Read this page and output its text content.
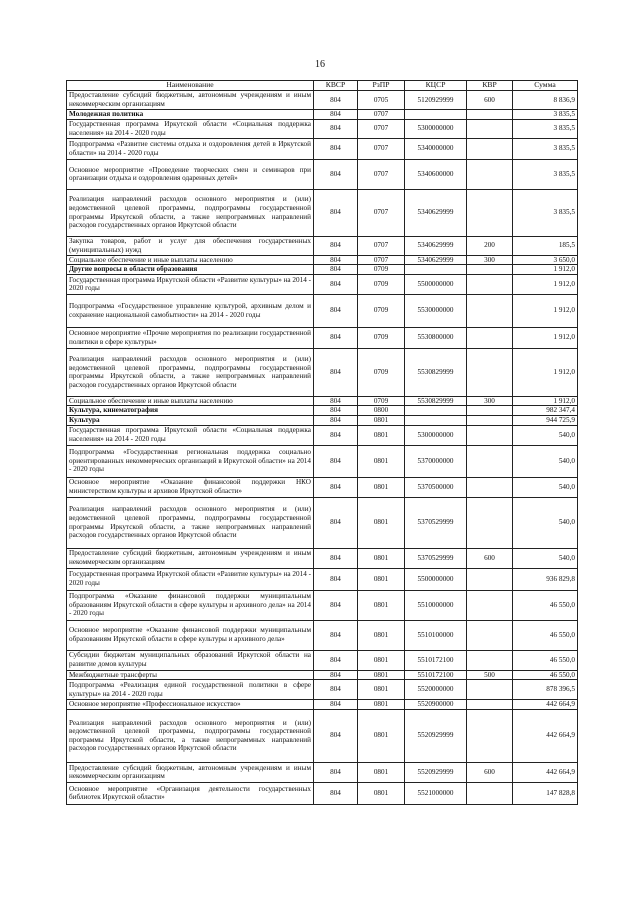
16
Наименование	КВСР	РзПР	КЦСР	КВР	Сумма
Предоставление субсидий бюджетным, автономным учреждениям и иным некоммерческим организациям	804	0705	5120929999	600	8 836,9
Молодежная политика	804	0707			3 835,5
Государственная программа Иркутской области «Социальная поддержка населения» на 2014 - 2020 годы	804	0707	5300000000		3 835,5
Подпрограмма «Развитие системы отдыха и оздоровления детей в Иркутской области» на 2014 - 2020 годы	804	0707	5340000000		3 835,5
Основное мероприятие «Проведение творческих смен и семинаров при организации отдыха и оздоровления одаренных детей»	804	0707	5340600000		3 835,5
Реализация направлений расходов основного мероприятия и (или) ведомственной целевой программы, подпрограммы государственной программы Иркутской области, а также непрограммных направлений расходов государственных органов Иркутской области	804	0707	5340629999		3 835,5
Закупка товаров, работ и услуг для обеспечения государственных (муниципальных) нужд	804	0707	5340629999	200	185,5
Социальное обеспечение и иные выплаты населению	804	0707	5340629999	300	3 650,0
Другие вопросы в области образования	804	0709			1 912,0
Государственная программа Иркутской области «Развитие культуры» на 2014 - 2020 годы	804	0709	5500000000		1 912,0
Подпрограмма «Государственное управление культурой, архивным делом и сохранение национальной самобытности» на 2014 - 2020 годы	804	0709	5530000000		1 912,0
Основное мероприятие «Прочие мероприятия по реализации государственной политики в сфере культуры»	804	0709	5530800000		1 912,0
Реализация направлений расходов основного мероприятия и (или) ведомственной целевой программы, подпрограммы государственной программы Иркутской области, а также непрограммных направлений расходов государственных органов Иркутской области	804	0709	5530829999		1 912,0
Социальное обеспечение и иные выплаты населению	804	0709	5530829999	300	1 912,0
Культура, кинематография	804	0800			982 347,4
Культура	804	0801			944 725,9
Государственная программа Иркутской области «Социальная поддержка населения» на 2014 - 2020 годы	804	0801	5300000000		540,0
Подпрограмма «Государственная региональная поддержка социально ориентированных некоммерческих организаций в Иркутской области» на 2014 - 2020 годы	804	0801	5370000000		540,0
Основное мероприятие «Оказание финансовой поддержки НКО министерством культуры и архивов Иркутской области»	804	0801	5370500000		540,0
Реализация направлений расходов основного мероприятия и (или) ведомственной целевой программы, подпрограммы государственной программы Иркутской области, а также непрограммных направлений расходов государственных органов Иркутской области	804	0801	5370529999		540,0
Предоставление субсидий бюджетным, автономным учреждениям и иным некоммерческим организациям	804	0801	5370529999	600	540,0
Государственная программа Иркутской области «Развитие культуры» на 2014 - 2020 годы	804	0801	5500000000		936 829,8
Подпрограмма «Оказание финансовой поддержки муниципальным образованиям Иркутской области в сфере культуры и архивного дела» на 2014 - 2020 годы	804	0801	5510000000		46 550,0
Основное мероприятие «Оказание финансовой поддержки муниципальным образованиям Иркутской области в сфере культуры и архивного дела»	804	0801	5510100000		46 550,0
Субсидии бюджетам муниципальных образований Иркутской области на развитие домов культуры	804	0801	5510172100		46 550,0
Межбюджетные трансферты	804	0801	5510172100	500	46 550,0
Подпрограмма «Реализация единой государственной политики в сфере культуры» на 2014 - 2020 годы	804	0801	5520000000		878 396,5
Основное мероприятие «Профессиональное искусство»	804	0801	5520900000		442 664,9
Реализация направлений расходов основного мероприятия и (или) ведомственной целевой программы, подпрограммы государственной программы Иркутской области, а также непрограммных направлений расходов государственных органов Иркутской области	804	0801	5520929999		442 664,9
Предоставление субсидий бюджетным, автономным учреждениям и иным некоммерческим организациям	804	0801	5520929999	600	442 664,9
Основное мероприятие «Организация деятельности государственных библиотек Иркутской области»	804	0801	5521000000		147 828,8
